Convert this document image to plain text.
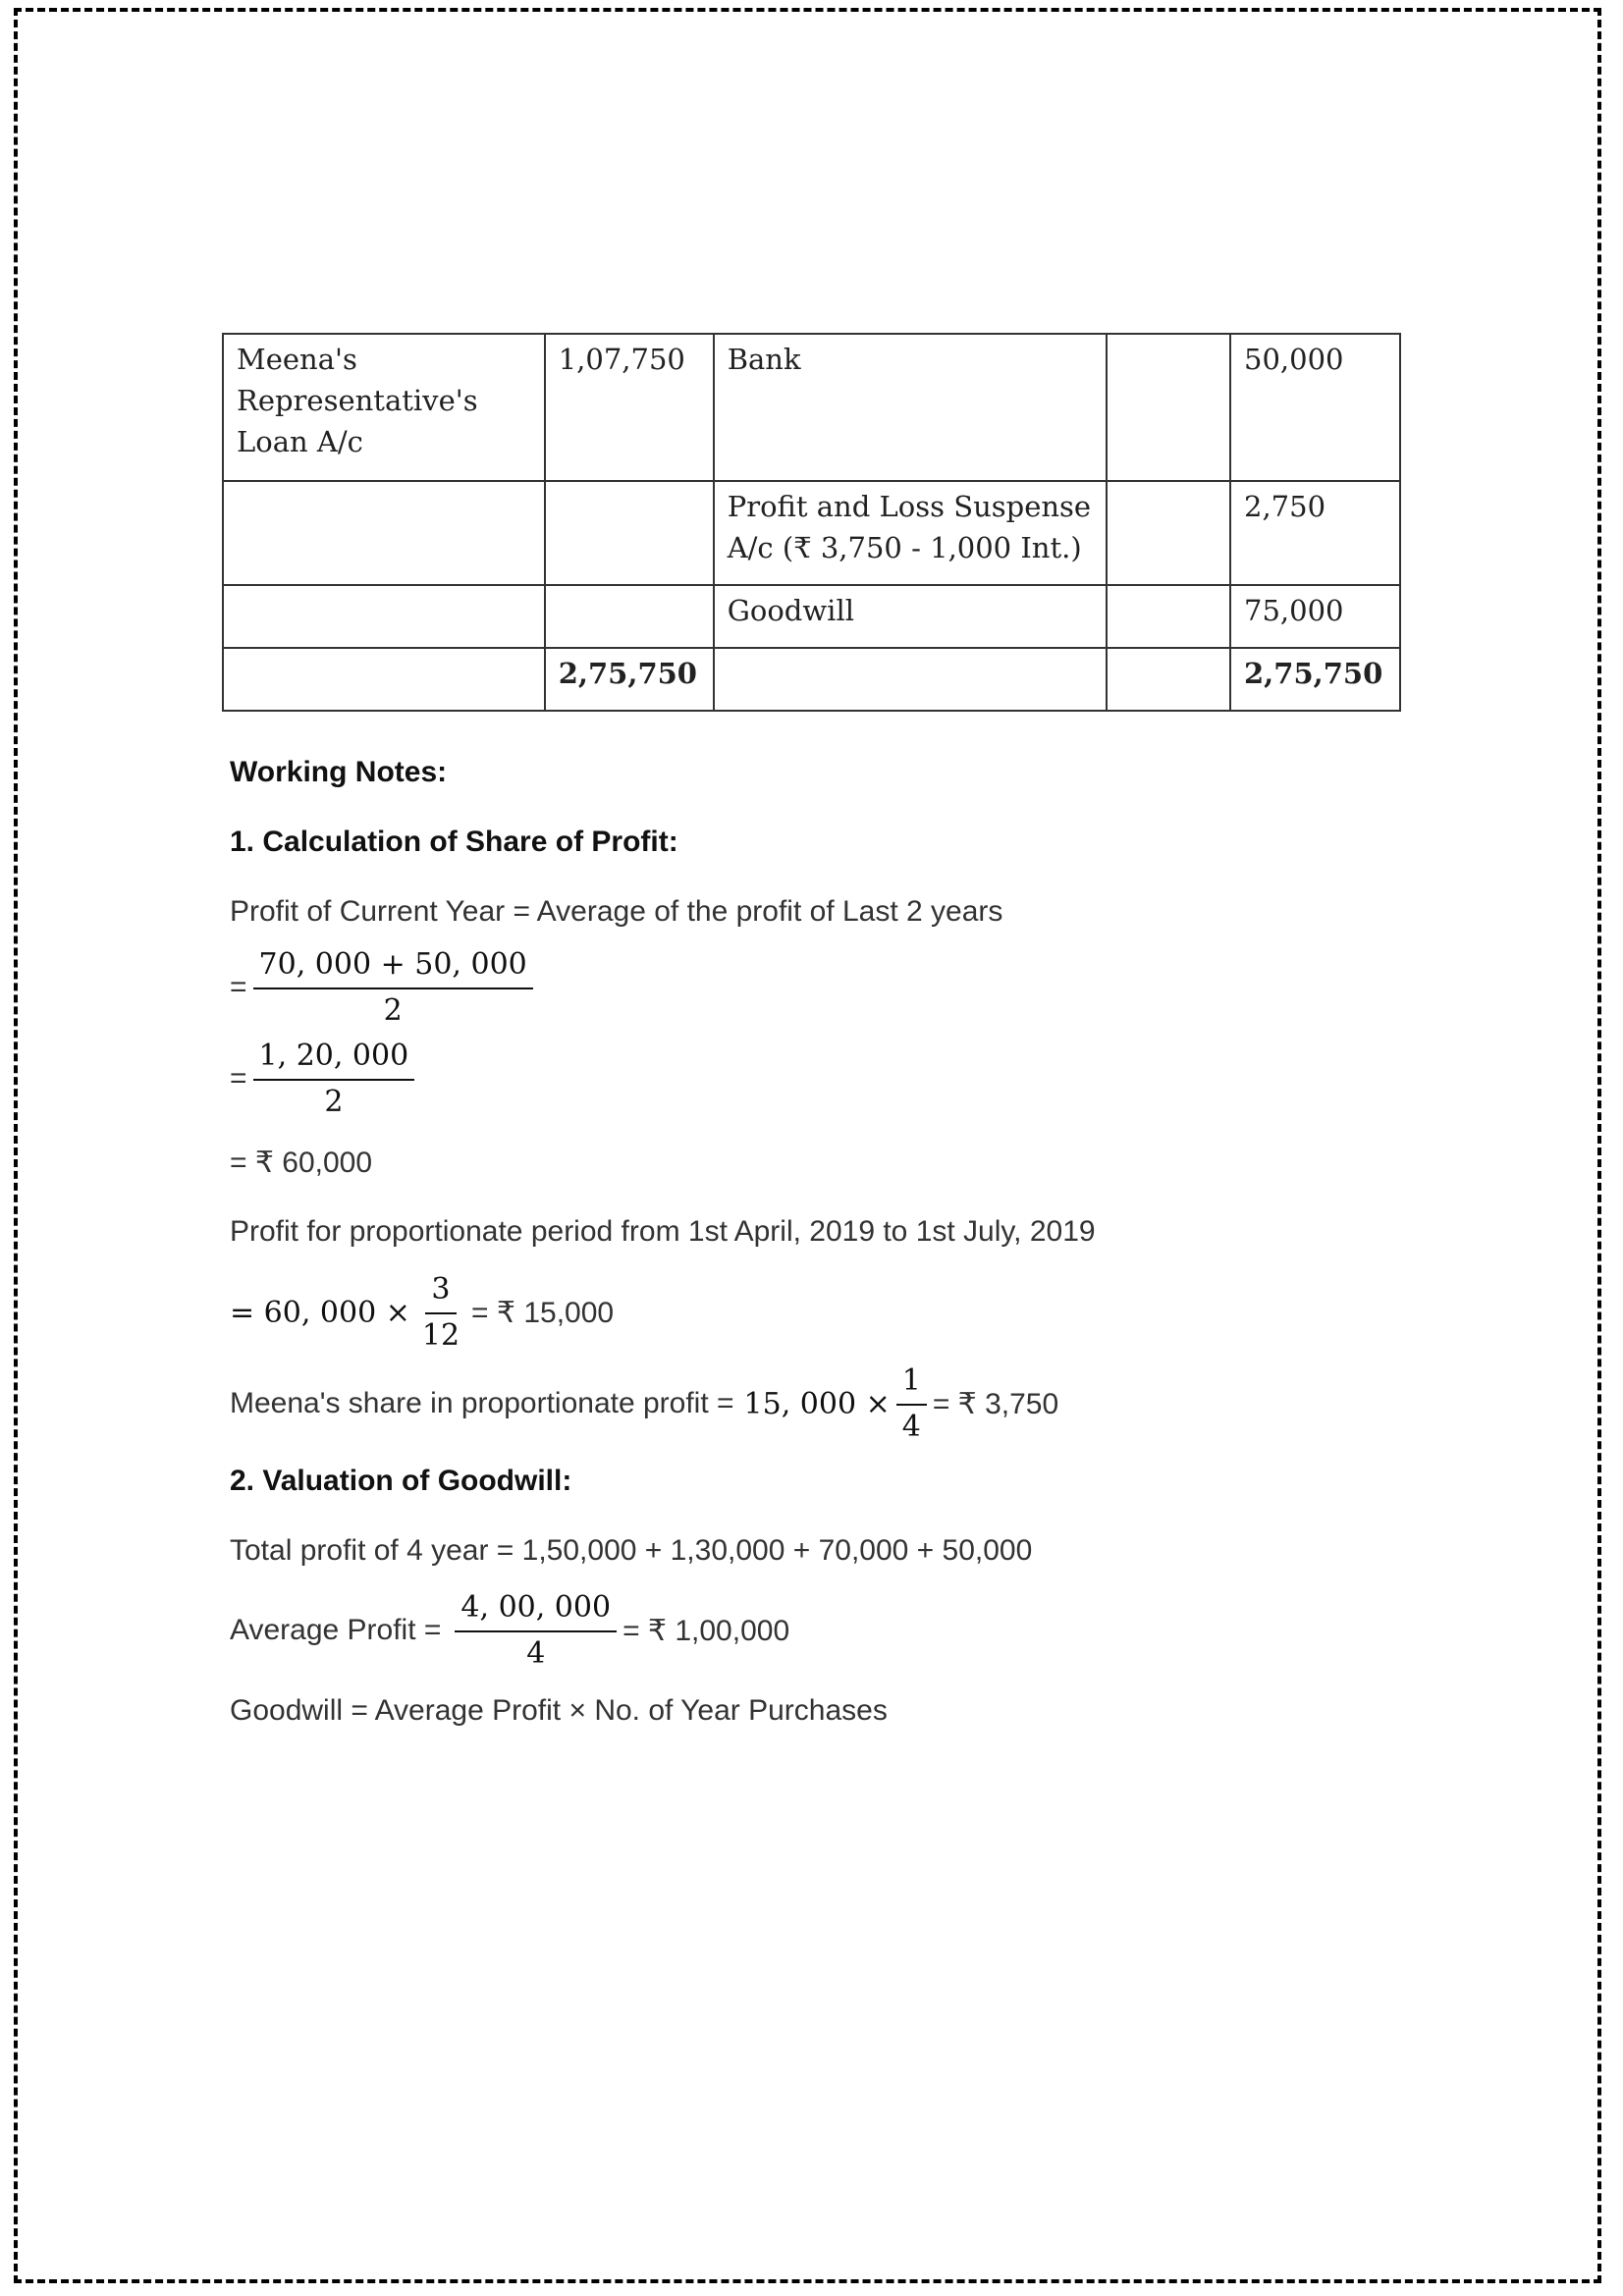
Meena's Representative's Loan A/c	1,07,750	Bank		50,000
		Profit and Loss Suspense A/c (₹ 3,750 - 1,000 Int.)		2,750
		Goodwill		75,000
	2,75,750			2,75,750
Working Notes:
1. Calculation of Share of Profit:
Profit of Current Year = Average of the profit of Last 2 years
= $\frac{70, 000 + 50, 000}{2}$
= $\frac{1, 20, 000}{2}$
= ₹ 60,000
Profit for proportionate period from 1st April, 2019 to 1st July, 2019
= 60, $000 \times \frac{3}{12}$ = ₹ 15,000
Meena's share in proportionate profit = 15, $000 \times \frac{1}{4}$ = ₹ 3,750
2. Valuation of Goodwill:
Total profit of 4 year = 1,50,000 + 1,30,000 + 70,000 + 50,000
Average Profit = $\frac{4, 00, 000}{4}$ = ₹ 1,00,000
Goodwill = Average Profit × No. of Year Purchases
